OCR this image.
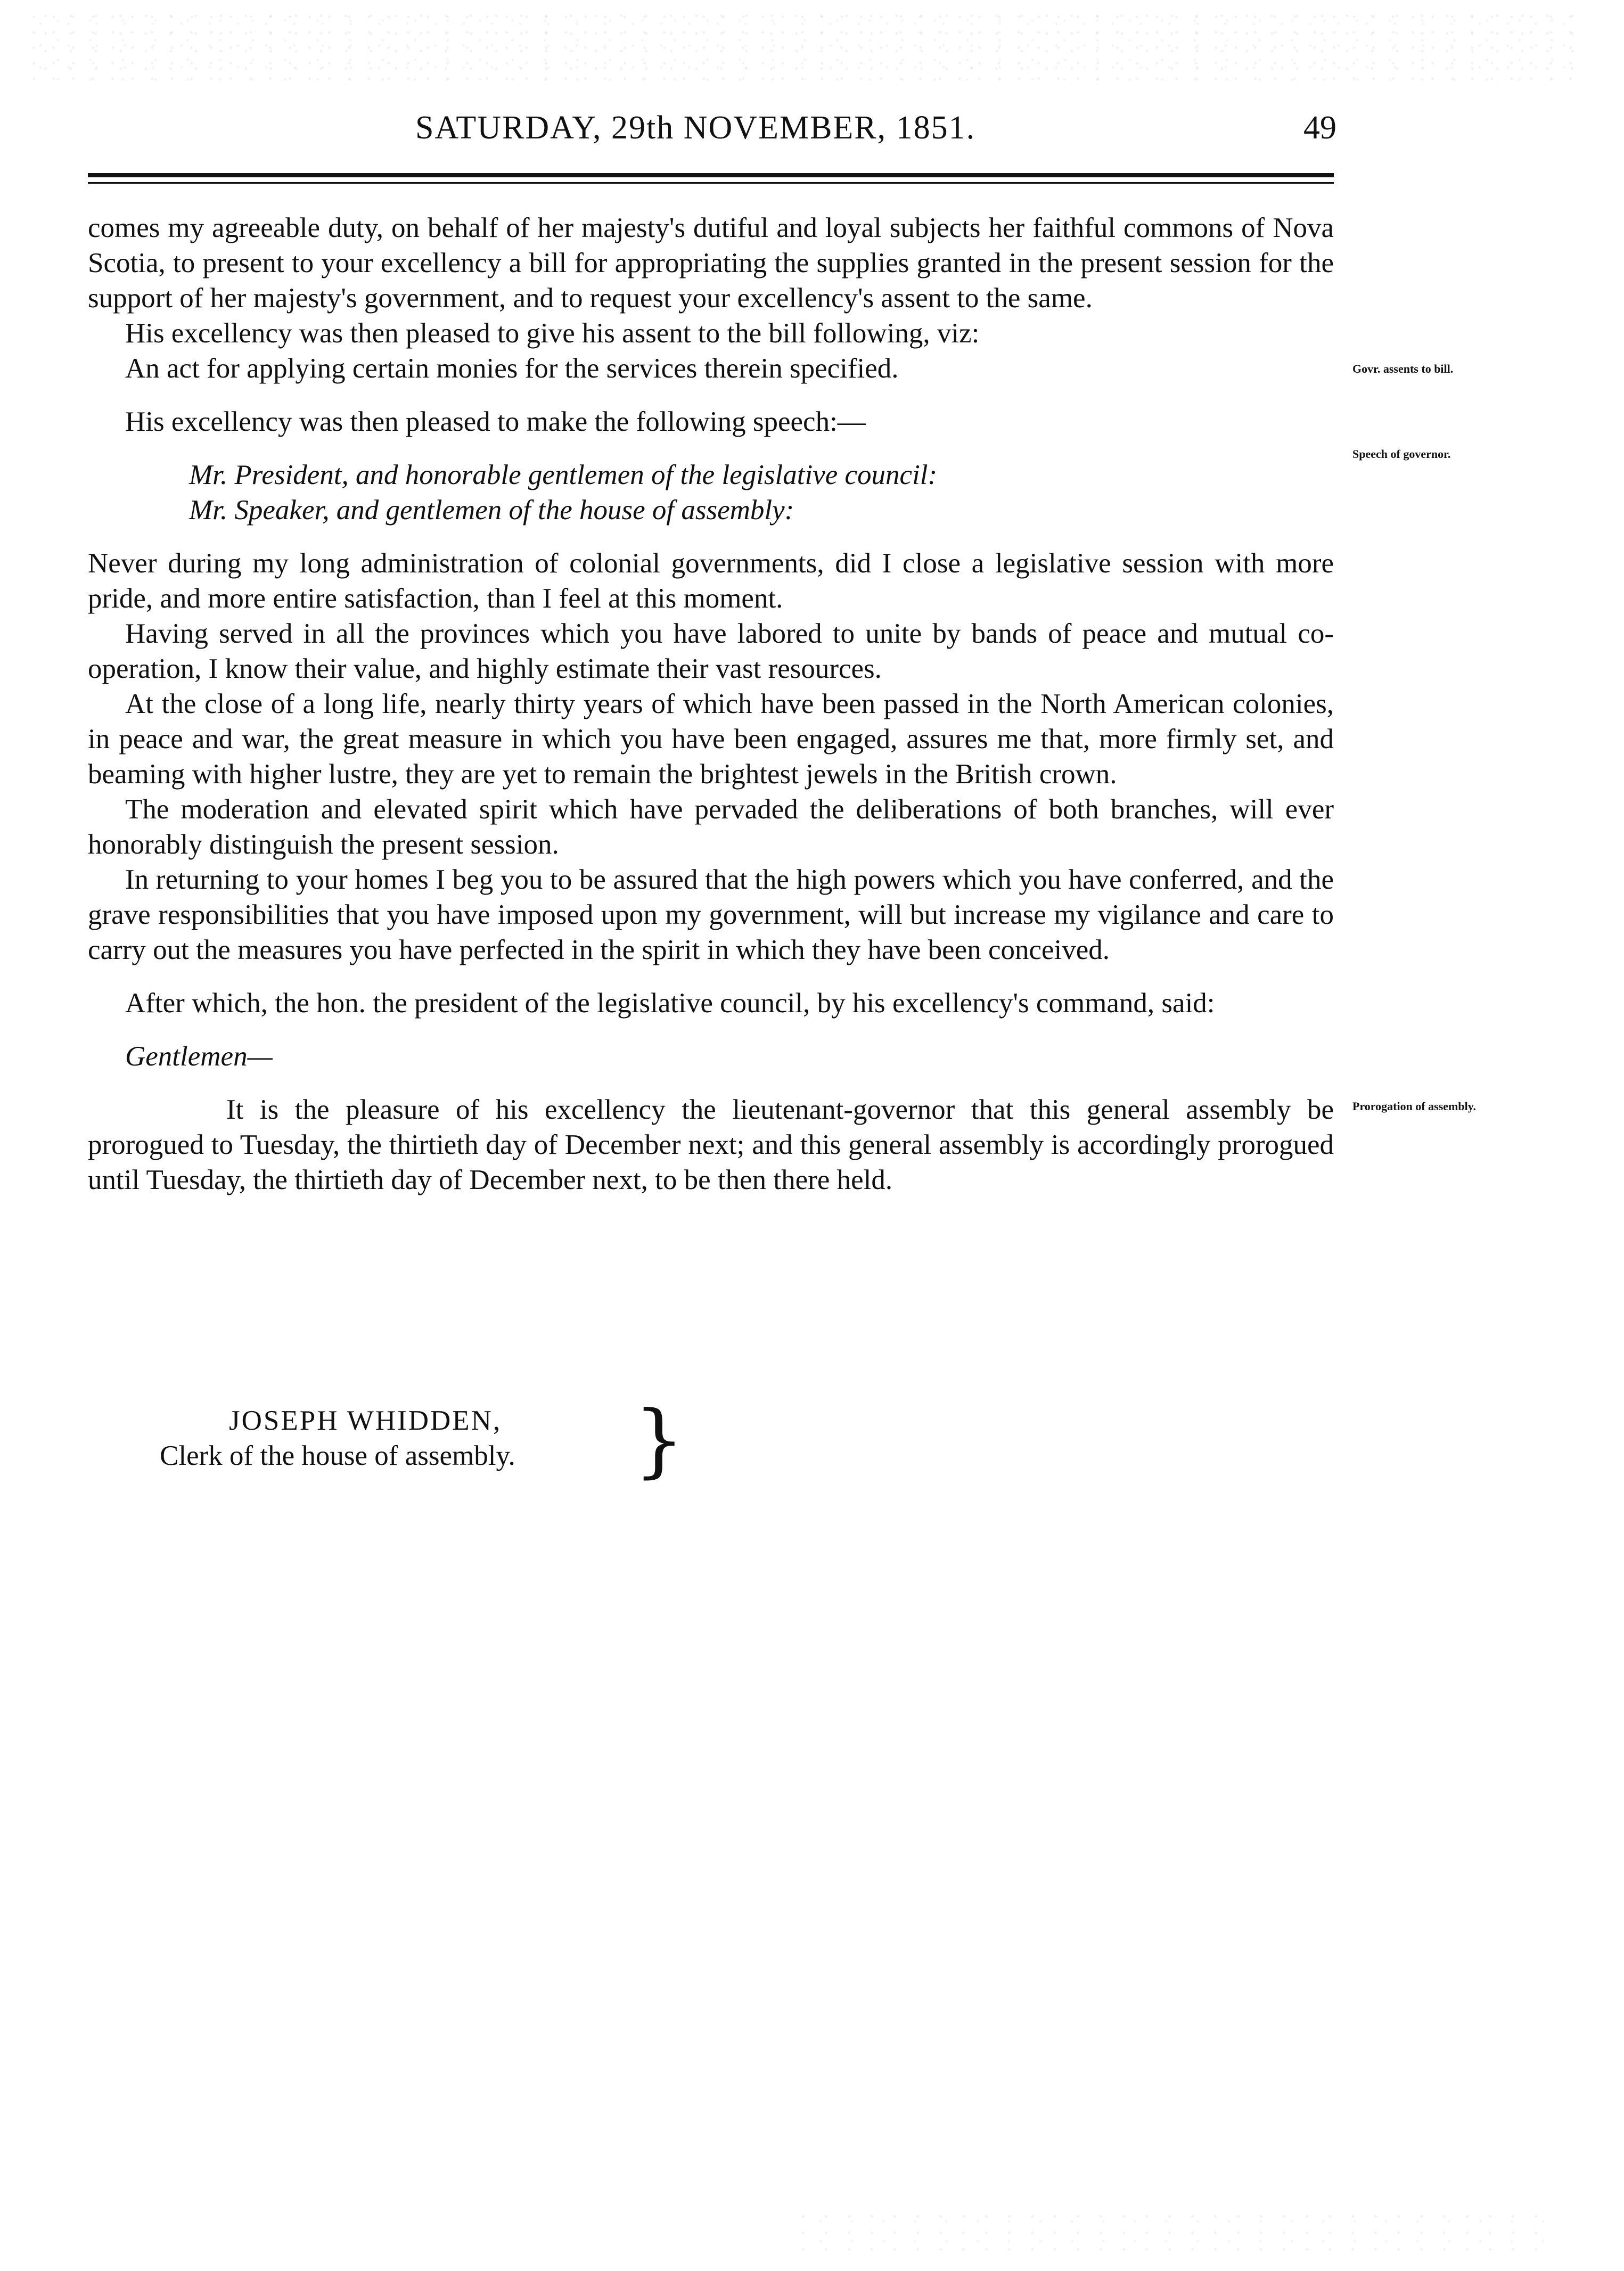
SATURDAY, 29th NOVEMBER, 1851.	49

comes my agreeable duty, on behalf of her majesty's dutiful and loyal subjects her faithful commons of Nova Scotia, to present to your excellency a bill for appropriating the supplies granted in the present session for the support of her majesty's government, and to request your excellency's assent to the same.

His excellency was then pleased to give his assent to the bill following, viz:

An act for applying certain monies for the services therein specified.

His excellency was then pleased to make the following speech:—

Mr. President, and honorable gentlemen of the legislative council:

Mr. Speaker, and gentlemen of the house of assembly:

Never during my long administration of colonial governments, did I close a legislative session with more pride, and more entire satisfaction, than I feel at this moment.

Having served in all the provinces which you have labored to unite by bands of peace and mutual co-operation, I know their value, and highly estimate their vast resources.

At the close of a long life, nearly thirty years of which have been passed in the North American colonies, in peace and war, the great measure in which you have been engaged, assures me that, more firmly set, and beaming with higher lustre, they are yet to remain the brightest jewels in the British crown.

The moderation and elevated spirit which have pervaded the deliberations of both branches, will ever honorably distinguish the present session.

In returning to your homes I beg you to be assured that the high powers which you have conferred, and the grave responsibilities that you have imposed upon my government, will but increase my vigilance and care to carry out the measures you have perfected in the spirit in which they have been conceived.

After which, the hon. the president of the legislative council, by his excellency's command, said:

Gentlemen—

It is the pleasure of his excellency the lieutenant-governor that this general assembly be prorogued to Tuesday, the thirtieth day of December next; and this general assembly is accordingly prorogued until Tuesday, the thirtieth day of December next, to be then there held.

JOSEPH WHIDDEN,
Clerk of the house of assembly. }
Govr. assents to bill.
Speech of governor.
Prorogation of assembly.
